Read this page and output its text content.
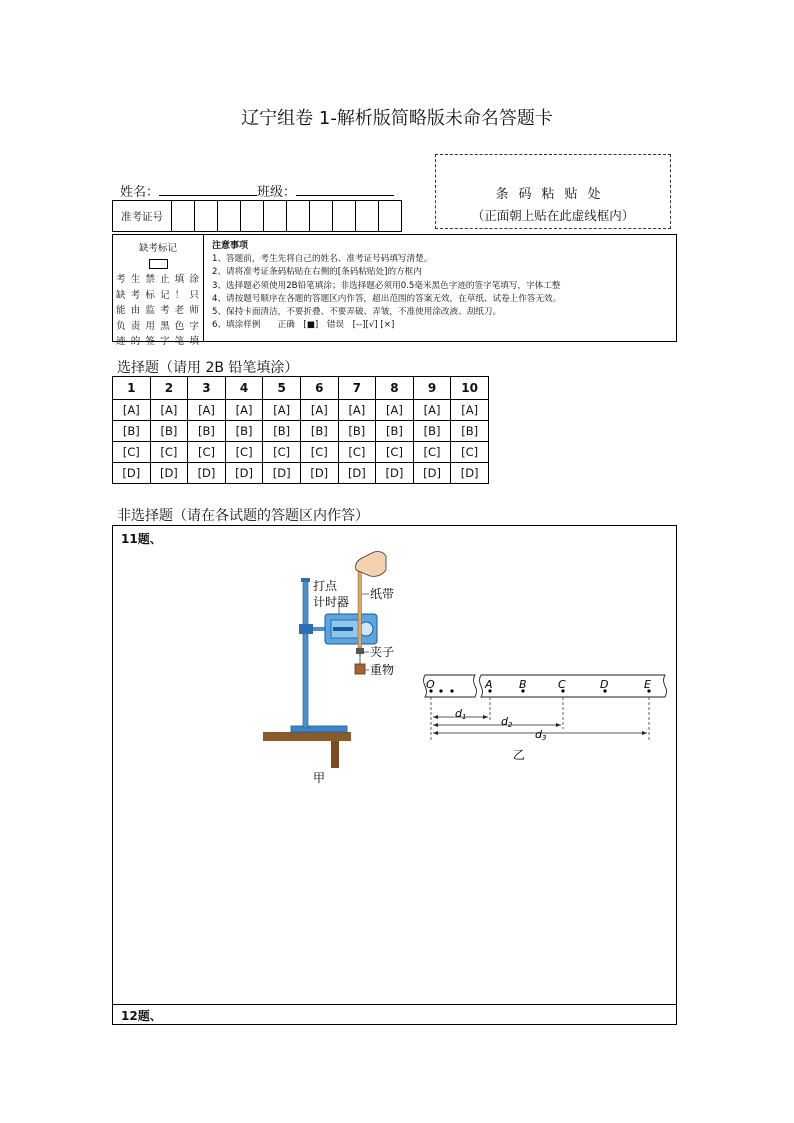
辽宁组卷 1-解析版简略版未命名答题卡
姓名：	班级：	条码粘贴处
（正面朝上贴在此虚线框内）
准考证号
缺考标记
考生禁止填涂
缺考标记！只
能由监考老师
负责用黑色字
迹的签字笔填
注意事项
1、答题前，考生先将自己的姓名、准考证号码填写清楚。
2、请将准考证条码粘贴在右侧的[条码粘贴处]的方框内
3、选择题必须使用2B铅笔填涂；非选择题必须用0.5毫米黑色字迹的签字笔填写，字体工整
4、请按题号顺序在各题的答题区内作答，超出范围的答案无效，在草纸、试卷上作答无效。
5、保持卡面清洁，不要折叠、不要弄破、弄皱，不准使用涂改液、刮纸刀。
6、填涂样例　　正确　[■]　错误　[--][√] [×]
选择题（请用 2B 铅笔填涂）
1	2	3	4	5	6	7	8	9	10
[A]	[A]	[A]	[A]	[A]	[A]	[A]	[A]	[A]	[A]
[B]	[B]	[B]	[B]	[B]	[B]	[B]	[B]	[B]	[B]
[C]	[C]	[C]	[C]	[C]	[C]	[C]	[C]	[C]	[C]
[D]	[D]	[D]	[D]	[D]	[D]	[D]	[D]	[D]	[D]
非选择题（请在各试题的答题区内作答）
11题、
打点
计时器
纸带
夹子
重物
甲
O	A B	C	D	E
d1	d2
d3
乙
12题、
